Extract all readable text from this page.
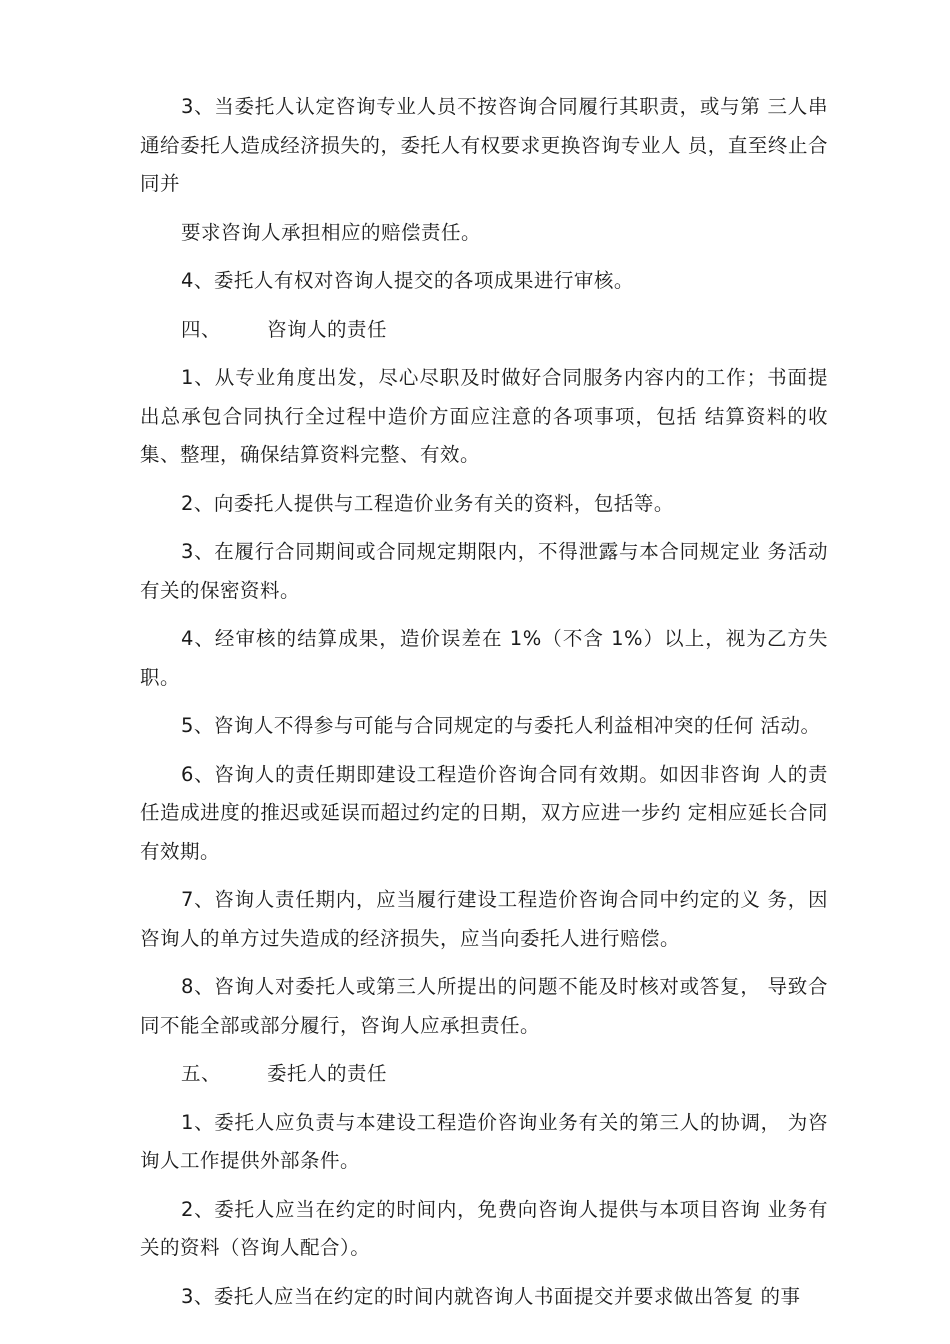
3、当委托人认定咨询专业人员不按咨询合同履行其职责，或与第 三人串通给委托人造成经济损失的，委托人有权要求更换咨询专业人 员，直至终止合同并

要求咨询人承担相应的赔偿责任。

4、委托人有权对咨询人提交的各项成果进行审核。

四、 咨询人的责任

1、从专业角度出发，尽心尽职及时做好合同服务内容内的工作；书面提出总承包合同执行全过程中造价方面应注意的各项事项，包括 结算资料的收集、整理，确保结算资料完整、有效。

2、向委托人提供与工程造价业务有关的资料，包括等。

3、在履行合同期间或合同规定期限内，不得泄露与本合同规定业 务活动有关的保密资料。

4、经审核的结算成果，造价误差在 1%（不含 1%）以上，视为乙方失职。

5、咨询人不得参与可能与合同规定的与委托人利益相冲突的任何 活动。

6、咨询人的责任期即建设工程造价咨询合同有效期。如因非咨询 人的责任造成进度的推迟或延误而超过约定的日期，双方应进一步约 定相应延长合同有效期。

7、咨询人责任期内，应当履行建设工程造价咨询合同中约定的义 务，因咨询人的单方过失造成的经济损失，应当向委托人进行赔偿。

8、咨询人对委托人或第三人所提出的问题不能及时核对或答复， 导致合同不能全部或部分履行，咨询人应承担责任。

五、 委托人的责任

1、委托人应负责与本建设工程造价咨询业务有关的第三人的协调， 为咨询人工作提供外部条件。

2、委托人应当在约定的时间内，免费向咨询人提供与本项目咨询 业务有关的资料（咨询人配合）。

3、委托人应当在约定的时间内就咨询人书面提交并要求做出答复 的事
